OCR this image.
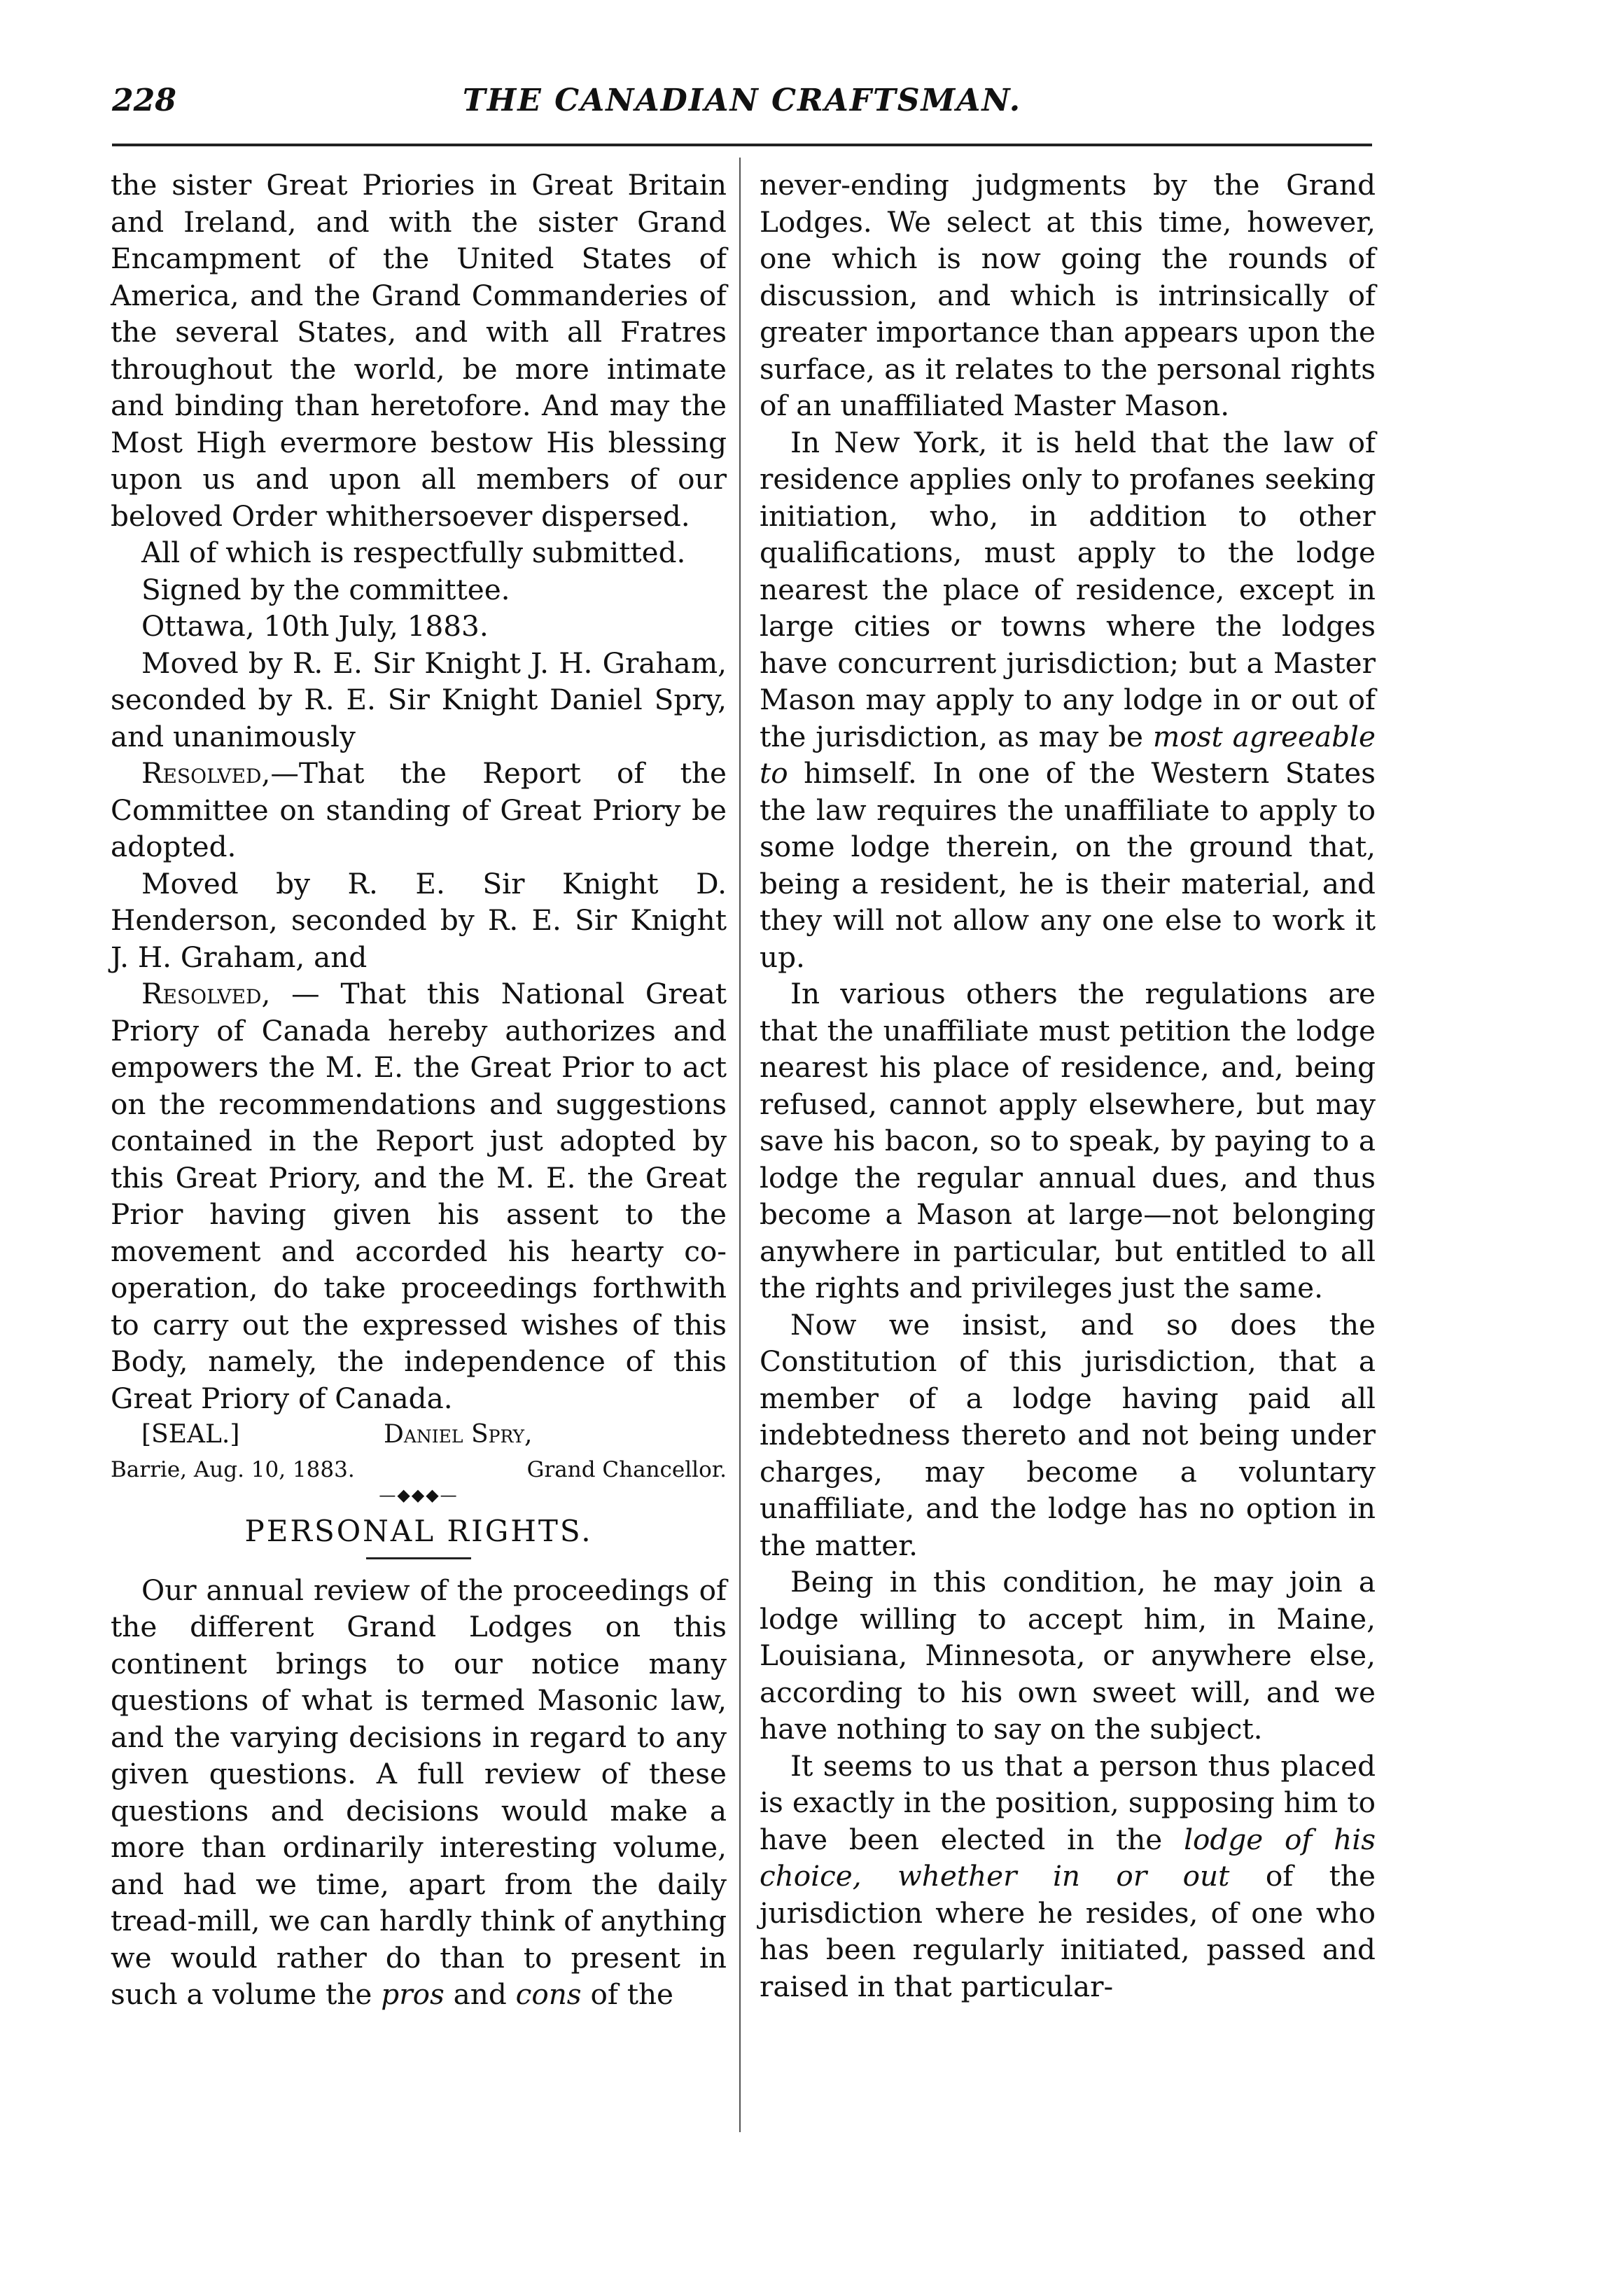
228	THE CANADIAN CRAFTSMAN.

the sister Great Priories in Great Britain and Ireland, and with the sister Grand Encampment of the United States of America, and the Grand Commanderies of the several States, and with all Fratres throughout the world, be more intimate and binding than heretofore. And may the Most High evermore bestow His blessing upon us and upon all members of our beloved Order whithersoever dispersed.

All of which is respectfully submitted.

Signed by the committee.

Ottawa, 10th July, 1883.

Moved by R. E. Sir Knight J. H. Graham, seconded by R. E. Sir Knight Daniel Spry, and unanimously

Resolved,—That the Report of the Committee on standing of Great Priory be adopted.

Moved by R. E. Sir Knight D. Henderson, seconded by R. E. Sir Knight J. H. Graham, and

Resolved, — That this National Great Priory of Canada hereby authorizes and empowers the M. E. the Great Prior to act on the recommendations and suggestions contained in the Report just adopted by this Great Priory, and the M. E. the Great Prior having given his assent to the movement and accorded his hearty co-operation, do take proceedings forthwith to carry out the expressed wishes of this Body, namely, the independence of this Great Priory of Canada.

[SEAL.]	Daniel Spry,
Barrie, Aug. 10, 1883.	Grand Chancellor.
—◆◆◆—
PERSONAL RIGHTS.

Our annual review of the proceedings of the different Grand Lodges on this continent brings to our notice many questions of what is termed Masonic law, and the varying decisions in regard to any given questions. A full review of these questions and decisions would make a more than ordinarily interesting volume, and had we time, apart from the daily tread-mill, we can hardly think of anything we would rather do than to present in such a volume the pros and cons of the

never-ending judgments by the Grand Lodges. We select at this time, however, one which is now going the rounds of discussion, and which is intrinsically of greater importance than appears upon the surface, as it relates to the personal rights of an unaffiliated Master Mason.

In New York, it is held that the law of residence applies only to profanes seeking initiation, who, in addition to other qualifications, must apply to the lodge nearest the place of residence, except in large cities or towns where the lodges have concurrent jurisdiction; but a Master Mason may apply to any lodge in or out of the jurisdiction, as may be most agreeable to himself. In one of the Western States the law requires the unaffiliate to apply to some lodge therein, on the ground that, being a resident, he is their material, and they will not allow any one else to work it up.

In various others the regulations are that the unaffiliate must petition the lodge nearest his place of residence, and, being refused, cannot apply elsewhere, but may save his bacon, so to speak, by paying to a lodge the regular annual dues, and thus become a Mason at large—not belonging anywhere in particular, but entitled to all the rights and privileges just the same.

Now we insist, and so does the Constitution of this jurisdiction, that a member of a lodge having paid all indebtedness thereto and not being under charges, may become a voluntary unaffiliate, and the lodge has no option in the matter.

Being in this condition, he may join a lodge willing to accept him, in Maine, Louisiana, Minnesota, or anywhere else, according to his own sweet will, and we have nothing to say on the subject.

It seems to us that a person thus placed is exactly in the position, supposing him to have been elected in the lodge of his choice, whether in or out of the jurisdiction where he resides, of one who has been regularly initiated, passed and raised in that particular-
